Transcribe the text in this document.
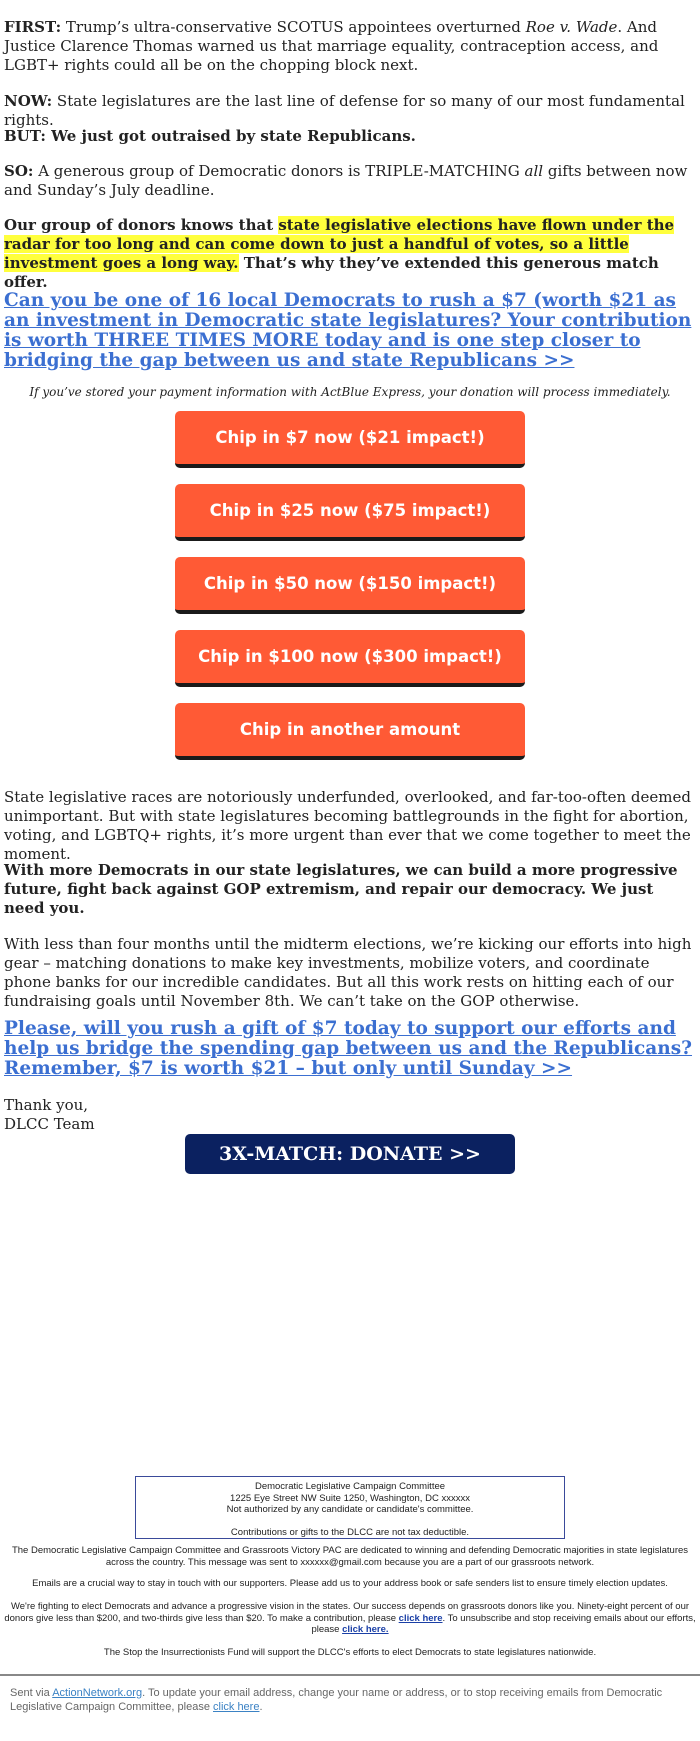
FIRST: Trump’s ultra-conservative SCOTUS appointees overturned Roe v. Wade. And Justice Clarence Thomas warned us that marriage equality, contraception access, and LGBT+ rights could all be on the chopping block next.

NOW: State legislatures are the last line of defense for so many of our most fundamental rights.

BUT: We just got outraised by state Republicans.

SO: A generous group of Democratic donors is TRIPLE-MATCHING all gifts between now and Sunday’s July deadline.

Our group of donors knows that state legislative elections have flown under the radar for too long and can come down to just a handful of votes, so a little investment goes a long way. That’s why they’ve extended this generous match offer.

Can you be one of 16 local Democrats to rush a $7 (worth $21 as an investment in Democratic state legislatures? Your contribution is worth THREE TIMES MORE today and is one step closer to bridging the gap between us and state Republicans >>
If you’ve stored your payment information with ActBlue Express, your donation will process immediately.
Chip in $7 now ($21 impact!)
Chip in $25 now ($75 impact!)
Chip in $50 now ($150 impact!)
Chip in $100 now ($300 impact!)
Chip in another amount

State legislative races are notoriously underfunded, overlooked, and far-too-often deemed unimportant. But with state legislatures becoming battlegrounds in the fight for abortion, voting, and LGBTQ+ rights, it’s more urgent than ever that we come together to meet the moment.

With more Democrats in our state legislatures, we can build a more progressive future, fight back against GOP extremism, and repair our democracy. We just need you.

With less than four months until the midterm elections, we’re kicking our efforts into high gear – matching donations to make key investments, mobilize voters, and coordinate phone banks for our incredible candidates. But all this work rests on hitting each of our fundraising goals until November 8th. We can’t take on the GOP otherwise.

Please, will you rush a gift of $7 today to support our efforts and help us bridge the spending gap between us and the Republicans? Remember, $7 is worth $21 – but only until Sunday >>

Thank you,

DLCC Team

3X-MATCH: DONATE >>
Democratic Legislative Campaign Committee
1225 Eye Street NW Suite 1250, Washington, DC xxxxxx
Not authorized by any candidate or candidate's committee.
Contributions or gifts to the DLCC are not tax deductible.

The Democratic Legislative Campaign Committee and Grassroots Victory PAC are dedicated to winning and defending Democratic majorities in state legislatures across the country. This message was sent to xxxxxx@gmail.com because you are a part of our grassroots network.

Emails are a crucial way to stay in touch with our supporters. Please add us to your address book or safe senders list to ensure timely election updates.

We're fighting to elect Democrats and advance a progressive vision in the states. Our success depends on grassroots donors like you. Ninety-eight percent of our donors give less than $200, and two-thirds give less than $20. To make a contribution, please click here. To unsubscribe and stop receiving emails about our efforts, please click here.

The Stop the Insurrectionists Fund will support the DLCC's efforts to elect Democrats to state legislatures nationwide.

Sent via ActionNetwork.org. To update your email address, change your name or address, or to stop receiving emails from Democratic Legislative Campaign Committee, please click here.
